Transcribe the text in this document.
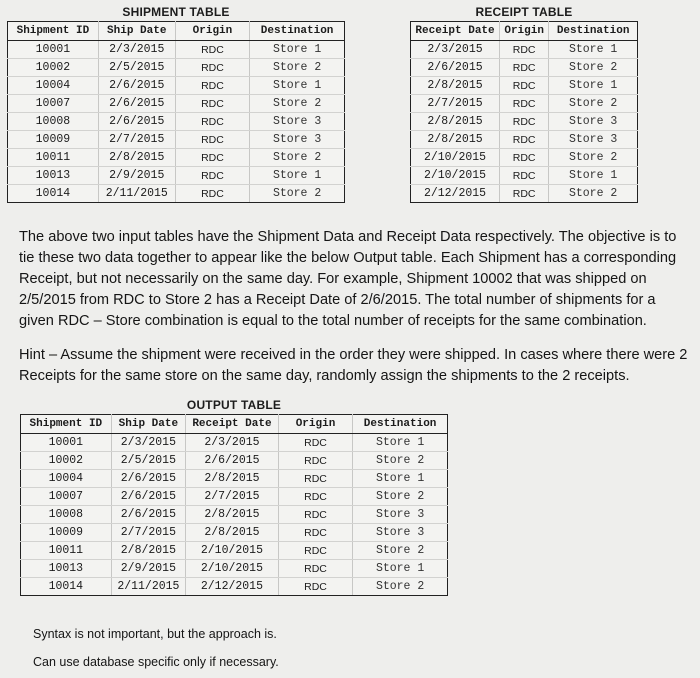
SHIPMENT TABLE
Shipment ID	Ship Date	Origin	Destination
10001	2/3/2015	RDC	Store 1
10002	2/5/2015	RDC	Store 2
10004	2/6/2015	RDC	Store 1
10007	2/6/2015	RDC	Store 2
10008	2/6/2015	RDC	Store 3
10009	2/7/2015	RDC	Store 3
10011	2/8/2015	RDC	Store 2
10013	2/9/2015	RDC	Store 1
10014	2/11/2015	RDC	Store 2
RECEIPT TABLE
Receipt Date	Origin	Destination
2/3/2015	RDC	Store 1
2/6/2015	RDC	Store 2
2/8/2015	RDC	Store 1
2/7/2015	RDC	Store 2
2/8/2015	RDC	Store 3
2/8/2015	RDC	Store 3
2/10/2015	RDC	Store 2
2/10/2015	RDC	Store 1
2/12/2015	RDC	Store 2
The above two input tables have the Shipment Data and Receipt Data respectively. The objective is to tie these two data together to appear like the below Output table. Each Shipment has a corresponding Receipt, but not necessarily on the same day. For example, Shipment 10002 that was shipped on 2/5/2015 from RDC to Store 2 has a Receipt Date of 2/6/2015. The total number of shipments for a given RDC – Store combination is equal to the total number of receipts for the same combination.
Hint – Assume the shipment were received in the order they were shipped. In cases where there were 2 Receipts for the same store on the same day, randomly assign the shipments to the 2 receipts.
OUTPUT TABLE
Shipment ID	Ship Date	Receipt Date	Origin	Destination
10001	2/3/2015	2/3/2015	RDC	Store 1
10002	2/5/2015	2/6/2015	RDC	Store 2
10004	2/6/2015	2/8/2015	RDC	Store 1
10007	2/6/2015	2/7/2015	RDC	Store 2
10008	2/6/2015	2/8/2015	RDC	Store 3
10009	2/7/2015	2/8/2015	RDC	Store 3
10011	2/8/2015	2/10/2015	RDC	Store 2
10013	2/9/2015	2/10/2015	RDC	Store 1
10014	2/11/2015	2/12/2015	RDC	Store 2
Syntax is not important, but the approach is.
Can use database specific only if necessary.
